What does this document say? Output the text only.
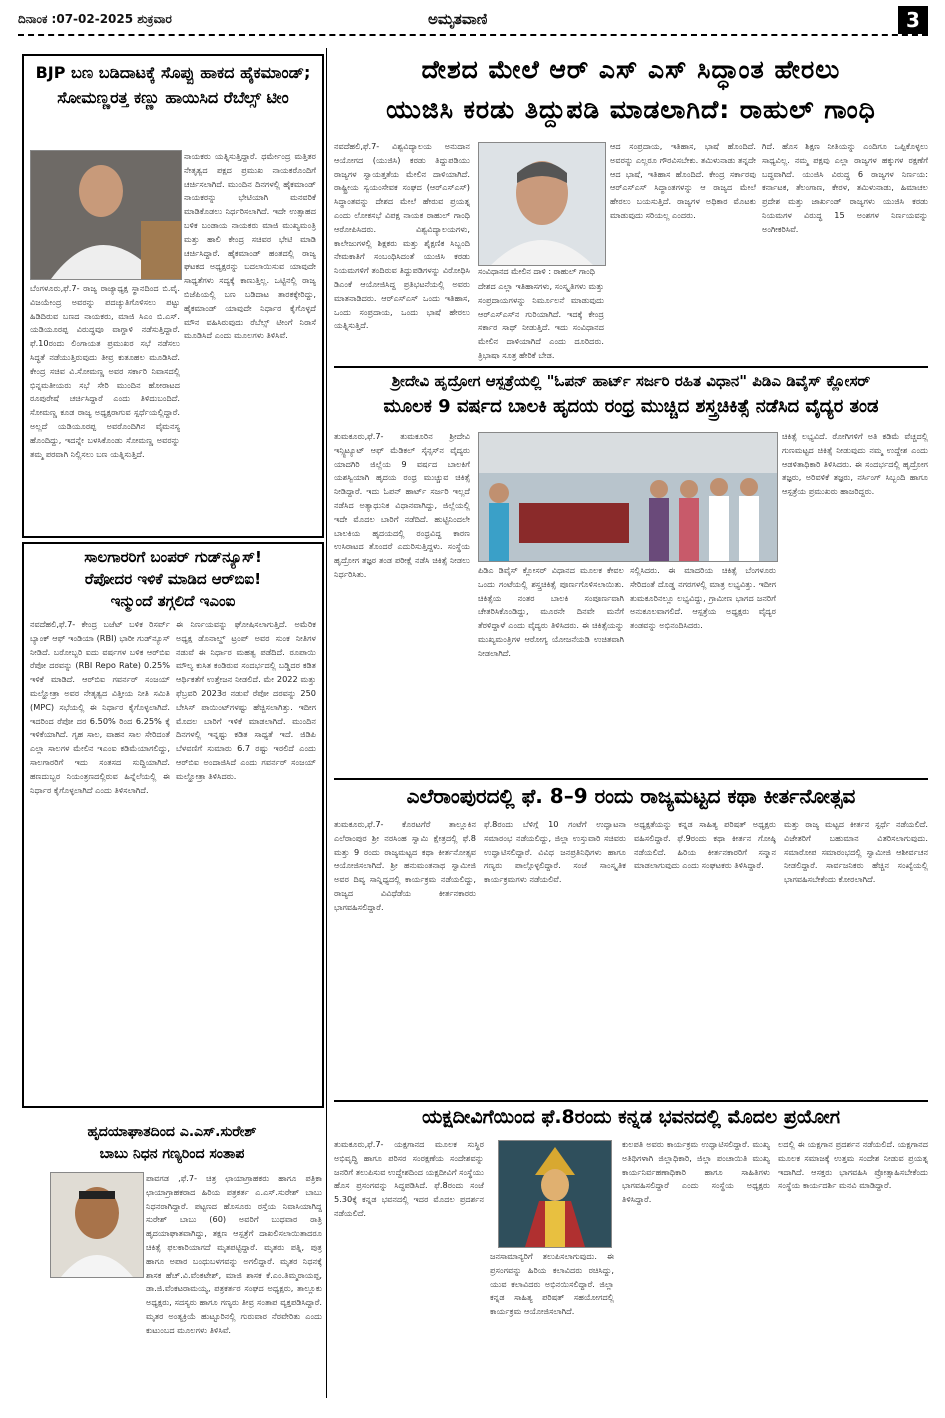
ದಿನಾಂಕ :07-02-2025 ಶುಕ್ರವಾರ	ಅಮೃತವಾಣಿ	3
BJP ಬಣ ಬಡಿದಾಟಕ್ಕೆ ಸೊಪ್ಪು ಹಾಕದ ಹೈಕಮಾಂಡ್; ಸೋಮಣ್ಣರತ್ತ ಕಣ್ಣು ಹಾಯಿಸಿದ ರೆಬೆಲ್ಸ್ ಟೀಂ
ನಾಯಕರು ಯತ್ನಿಸುತ್ತಿದ್ದಾರೆ. ಧರ್ಮೇಂದ್ರ ಮತ್ತಿತರ ನೇತೃತ್ವದ ಪಕ್ಷದ ಪ್ರಮುಖ ನಾಯಕರೊಂದಿಗೆ ಚರ್ಚಿಸಲಾಗಿದೆ. ಮುಂದಿನ ದಿನಗಳಲ್ಲಿ ಹೈಕಮಾಂಡ್ ನಾಯಕರನ್ನು ಭೇಟಿಯಾಗಿ ಮನವರಿಕೆ ಮಾಡಿಕೊಡಲು ನಿರ್ಧರಿಸಲಾಗಿದೆ. ಇದೇ ಉತ್ಸಾಹದ ಬಳಿಕ ಬಂಡಾಯ ನಾಯಕರು ಮಾಜಿ ಮುಖ್ಯಮಂತ್ರಿ ಮತ್ತು ಹಾಲಿ ಕೇಂದ್ರ ಸಚಿವರ ಭೇಟಿ ಮಾಡಿ ಚರ್ಚಿಸಿದ್ದಾರೆ. ಹೈಕಮಾಂಡ್ ಹಂತದಲ್ಲಿ ರಾಜ್ಯ ಘಟಕದ ಅಧ್ಯಕ್ಷರನ್ನು ಬದಲಾಯಿಸುವ ಯಾವುದೇ ಸಾಧ್ಯತೆಗಳು ಸದ್ಯಕ್ಕೆ ಕಾಣುತ್ತಿಲ್ಲ. ಒಟ್ಟಿನಲ್ಲಿ ರಾಜ್ಯ ಬಿಜೆಪಿಯಲ್ಲಿ ಬಣ ಬಡಿದಾಟ ತಾರಕಕ್ಕೇರಿದ್ದು, ಹೈಕಮಾಂಡ್ ಯಾವುದೇ ನಿರ್ಧಾರ ಕೈಗೊಳ್ಳದೆ ಮೌನ ವಹಿಸಿರುವುದು ರೆಬೆಲ್ಸ್ ಟೀಂಗೆ ನಿರಾಸೆ ಮೂಡಿಸಿದೆ ಎಂದು ಮೂಲಗಳು ತಿಳಿಸಿವೆ.
ಬೆಂಗಳೂರು,ಫೆ.7- ರಾಜ್ಯ ರಾಜ್ಯಾಧ್ಯಕ್ಷ ಸ್ಥಾನದಿಂದ ಬಿ.ವೈ. ವಿಜಯೇಂದ್ರ ಅವರನ್ನು ಪದಚ್ಯುತಿಗೊಳಿಸಲು ಪಟ್ಟು ಹಿಡಿದಿರುವ ಬಣದ ನಾಯಕರು, ಮಾಜಿ ಸಿಎಂ ಬಿ.ಎಸ್. ಯಡಿಯೂರಪ್ಪ ವಿರುದ್ಧವೂ ವಾಗ್ದಾಳಿ ನಡೆಸುತ್ತಿದ್ದಾರೆ. ಫೆ.10ರಂದು ಲಿಂಗಾಯತ ಪ್ರಮುಖರ ಸಭೆ ನಡೆಸಲು ಸಿದ್ಧತೆ ನಡೆಯುತ್ತಿರುವುದು ತೀವ್ರ ಕುತೂಹಲ ಮೂಡಿಸಿದೆ. ಕೇಂದ್ರ ಸಚಿವ ವಿ.ಸೋಮಣ್ಣ ಅವರ ಸರ್ಕಾರಿ ನಿವಾಸದಲ್ಲಿ ಭಿನ್ನಮತೀಯರು ಸಭೆ ಸೇರಿ ಮುಂದಿನ ಹೋರಾಟದ ರೂಪುರೇಷೆ ಚರ್ಚಿಸಿದ್ದಾರೆ ಎಂದು ತಿಳಿದುಬಂದಿದೆ. ಸೋಮಣ್ಣ ಕೂಡ ರಾಜ್ಯ ಅಧ್ಯಕ್ಷರಾಗುವ ಸ್ಪರ್ಧೆಯಲ್ಲಿದ್ದಾರೆ. ಅಲ್ಲದೆ ಯಡಿಯೂರಪ್ಪ ಅವರೊಂದಿಗಿನ ವೈಮನಸ್ಯ ಹೊಂದಿದ್ದು, ಇದನ್ನೇ ಬಳಸಿಕೊಂಡು ಸೋಮಣ್ಣ ಅವರನ್ನು ತಮ್ಮ ಪರವಾಗಿ ನಿಲ್ಲಿಸಲು ಬಣ ಯತ್ನಿಸುತ್ತಿದೆ.
ಸಾಲಗಾರರಿಗೆ ಬಂಪರ್ ಗುಡ್‌ನ್ಯೂಸ್!
ರೆಪೋದರ ಇಳಿಕೆ ಮಾಡಿದ ಆರ್‌ಬಿಐ!
ಇನ್ಮುಂದೆ ತಗ್ಗಲಿದೆ ಇಎಂಐ
ನವದೆಹಲಿ,ಫೆ.7- ಕೇಂದ್ರ ಬಜೆಟ್ ಬಳಿಕ ರಿಸರ್ವ್ ಬ್ಯಾಂಕ್ ಆಫ್ ಇಂಡಿಯಾ (RBI) ಭಾರೀ ಗುಡ್‌ನ್ಯೂಸ್ ನೀಡಿದೆ. ಬರೋಬ್ಬರಿ ಐದು ವರ್ಷಗಳ ಬಳಿಕ ಆರ್‌ಬಿಐ ರೆಪೋ ದರವನ್ನು (RBI Repo Rate) 0.25% ಇಳಿಕೆ ಮಾಡಿದೆ. ಆರ್‌ಬಿಐ ಗವರ್ನರ್ ಸಂಜಯ್ ಮಲ್ಹೋತ್ರಾ ಅವರ ನೇತೃತ್ವದ ವಿತ್ತೀಯ ನೀತಿ ಸಮಿತಿ (MPC) ಸಭೆಯಲ್ಲಿ ಈ ನಿರ್ಧಾರ ಕೈಗೊಳ್ಳಲಾಗಿದೆ. ಇದರಿಂದ ರೆಪೋ ದರ 6.50% ರಿಂದ 6.25% ಕ್ಕೆ ಇಳಿಕೆಯಾಗಿದೆ. ಗೃಹ ಸಾಲ, ವಾಹನ ಸಾಲ ಸೇರಿದಂತೆ ಎಲ್ಲಾ ಸಾಲಗಳ ಮೇಲಿನ ಇಎಂಐ ಕಡಿಮೆಯಾಗಲಿದ್ದು, ಸಾಲಗಾರರಿಗೆ ಇದು ಸಂತಸದ ಸುದ್ದಿಯಾಗಿದೆ. ಹಣದುಬ್ಬರ ನಿಯಂತ್ರಣದಲ್ಲಿರುವ ಹಿನ್ನೆಲೆಯಲ್ಲಿ ಈ ನಿರ್ಧಾರ ಕೈಗೊಳ್ಳಲಾಗಿದೆ ಎಂದು ತಿಳಿಸಲಾಗಿದೆ.
ಈ ನಿರ್ಣಯವನ್ನು ಘೋಷಿಸಲಾಗುತ್ತಿದೆ. ಅಮೆರಿಕ ಅಧ್ಯಕ್ಷ ಡೊನಾಲ್ಡ್ ಟ್ರಂಪ್ ಅವರ ಸುಂಕ ನೀತಿಗಳ ನಡುವೆ ಈ ನಿರ್ಧಾರ ಮಹತ್ವ ಪಡೆದಿದೆ. ರೂಪಾಯಿ ಮೌಲ್ಯ ಕುಸಿತ ಕಂಡಿರುವ ಸಂದರ್ಭದಲ್ಲಿ ಬಡ್ಡಿದರ ಕಡಿತ ಆರ್ಥಿಕತೆಗೆ ಉತ್ತೇಜನ ನೀಡಲಿದೆ. ಮೇ 2022 ಮತ್ತು ಫೆಬ್ರವರಿ 2023ರ ನಡುವೆ ರೆಪೋ ದರವನ್ನು 250 ಬೇಸಿಸ್ ಪಾಯಿಂಟ್‌ಗಳಷ್ಟು ಹೆಚ್ಚಿಸಲಾಗಿತ್ತು. ಇದೀಗ ಮೊದಲ ಬಾರಿಗೆ ಇಳಿಕೆ ಮಾಡಲಾಗಿದೆ. ಮುಂದಿನ ದಿನಗಳಲ್ಲಿ ಇನ್ನಷ್ಟು ಕಡಿತ ಸಾಧ್ಯತೆ ಇದೆ. ಜಿಡಿಪಿ ಬೆಳವಣಿಗೆ ಸುಮಾರು 6.7 ರಷ್ಟು ಇರಲಿದೆ ಎಂದು ಆರ್‌ಬಿಐ ಅಂದಾಜಿಸಿದೆ ಎಂದು ಗವರ್ನರ್ ಸಂಜಯ್ ಮಲ್ಹೋತ್ರಾ ತಿಳಿಸಿದರು.
ಹೃದಯಾಘಾತದಿಂದ ಎ.ಎಸ್.ಸುರೇಶ್
ಬಾಬು ನಿಧನ ಗಣ್ಯರಿಂದ ಸಂತಾಪ
ಪಾವಗಡ ,ಫೆ.7- ಚಿತ್ರ ಛಾಯಾಗ್ರಾಹಕರು ಹಾಗೂ ಪತ್ರಿಕಾ ಛಾಯಾಗ್ರಾಹಕರಾದ ಹಿರಿಯ ಪತ್ರಕರ್ತ ಎ.ಎಸ್.ಸುರೇಶ್ ಬಾಬು ನಿಧನರಾಗಿದ್ದಾರೆ. ಪಟ್ಟಣದ ಹೊಸೂರು ರಸ್ತೆಯ ನಿವಾಸಿಯಾಗಿದ್ದ ಸುರೇಶ್ ಬಾಬು (60) ಅವರಿಗೆ ಬುಧವಾರ ರಾತ್ರಿ ಹೃದಯಾಘಾತವಾಗಿದ್ದು, ತಕ್ಷಣ ಆಸ್ಪತ್ರೆಗೆ ದಾಖಲಿಸಲಾಯಿತಾದರೂ ಚಿಕಿತ್ಸೆ ಫಲಕಾರಿಯಾಗದೆ ಮೃತಪಟ್ಟಿದ್ದಾರೆ. ಮೃತರು ಪತ್ನಿ, ಪುತ್ರ ಹಾಗೂ ಅಪಾರ ಬಂಧುಬಳಗವನ್ನು ಅಗಲಿದ್ದಾರೆ. ಮೃತರ ನಿಧನಕ್ಕೆ ಶಾಸಕ ಹೆಚ್.ವಿ.ವೆಂಕಟೇಶ್, ಮಾಜಿ ಶಾಸಕ ಕೆ.ಎಂ.ತಿಮ್ಮರಾಯಪ್ಪ, ಡಾ.ಜಿ.ವೆಂಕಟರಾಮಯ್ಯ, ಪತ್ರಕರ್ತರ ಸಂಘದ ಅಧ್ಯಕ್ಷರು, ತಾಲ್ಲೂಕು ಅಧ್ಯಕ್ಷರು, ಸದಸ್ಯರು ಹಾಗೂ ಗಣ್ಯರು ತೀವ್ರ ಸಂತಾಪ ವ್ಯಕ್ತಪಡಿಸಿದ್ದಾರೆ. ಮೃತರ ಅಂತ್ಯಕ್ರಿಯೆ ಹುಟ್ಟೂರಿನಲ್ಲಿ ಗುರುವಾರ ನೆರವೇರಿತು ಎಂದು ಕುಟುಂಬದ ಮೂಲಗಳು ತಿಳಿಸಿವೆ.
ದೇಶದ ಮೇಲೆ ಆರ್ ಎಸ್ ಎಸ್ ಸಿದ್ಧಾಂತ ಹೇರಲು
ಯುಜಿಸಿ ಕರಡು ತಿದ್ದುಪಡಿ ಮಾಡಲಾಗಿದೆ: ರಾಹುಲ್ ಗಾಂಧಿ
ನವದೆಹಲಿ,ಫೆ.7- ವಿಶ್ವವಿದ್ಯಾಲಯ ಅನುದಾನ ಆಯೋಗದ (ಯುಜಿಸಿ) ಕರಡು ತಿದ್ದುಪಡಿಯು ರಾಜ್ಯಗಳ ಸ್ವಾಯತ್ತತೆಯ ಮೇಲಿನ ದಾಳಿಯಾಗಿದೆ. ರಾಷ್ಟ್ರೀಯ ಸ್ವಯಂಸೇವಕ ಸಂಘದ (ಆರ್‌ಎಸ್‌ಎಸ್) ಸಿದ್ಧಾಂತವನ್ನು ದೇಶದ ಮೇಲೆ ಹೇರುವ ಪ್ರಯತ್ನ ಎಂದು ಲೋಕಸಭೆ ವಿಪಕ್ಷ ನಾಯಕ ರಾಹುಲ್ ಗಾಂಧಿ ಆರೋಪಿಸಿದರು. ವಿಶ್ವವಿದ್ಯಾಲಯಗಳು, ಕಾಲೇಜುಗಳಲ್ಲಿ ಶಿಕ್ಷಕರು ಮತ್ತು ಶೈಕ್ಷಣಿಕ ಸಿಬ್ಬಂದಿ ನೇಮಕಾತಿಗೆ ಸಂಬಂಧಿಸಿದಂತೆ ಯುಜಿಸಿ ಕರಡು ನಿಯಮಗಳಿಗೆ ತಂದಿರುವ ತಿದ್ದುಪಡಿಗಳನ್ನು ವಿರೋಧಿಸಿ ಡಿಎಂಕೆ ಆಯೋಜಿಸಿದ್ದ ಪ್ರತಿಭಟನೆಯಲ್ಲಿ ಅವರು ಮಾತನಾಡಿದರು. ಆರ್‌ಎಸ್‌ಎಸ್ ಒಂದು ಇತಿಹಾಸ, ಒಂದು ಸಂಪ್ರದಾಯ, ಒಂದು ಭಾಷೆ ಹೇರಲು ಯತ್ನಿಸುತ್ತಿದೆ.
ಸಂವಿಧಾನದ ಮೇಲಿನ ದಾಳಿ : ರಾಹುಲ್ ಗಾಂಧಿ
ದೇಶದ ಎಲ್ಲಾ ಇತಿಹಾಸಗಳು, ಸಂಸ್ಕೃತಿಗಳು ಮತ್ತು ಸಂಪ್ರದಾಯಗಳನ್ನು ನಿರ್ಮೂಲನೆ ಮಾಡುವುದು ಆರ್‌ಎಸ್‌ಎಸ್‌ನ ಗುರಿಯಾಗಿದೆ. ಇದಕ್ಕೆ ಕೇಂದ್ರ ಸರ್ಕಾರ ಸಾಥ್ ನೀಡುತ್ತಿದೆ. ಇದು ಸಂವಿಧಾನದ ಮೇಲಿನ ದಾಳಿಯಾಗಿದೆ ಎಂದು ದೂರಿದರು. ತ್ರಿಭಾಷಾ ಸೂತ್ರ ಹೇರಿಕೆ ಬೇಡ.
ಆದ ಸಂಪ್ರದಾಯ, ಇತಿಹಾಸ, ಭಾಷೆ ಹೊಂದಿದೆ. ಅವರನ್ನು ಎಲ್ಲರೂ ಗೌರವಿಸಬೇಕು. ತಮಿಳುನಾಡು ತನ್ನದೇ ಆದ ಭಾಷೆ, ಇತಿಹಾಸ ಹೊಂದಿದೆ. ಕೇಂದ್ರ ಸರ್ಕಾರವು ಆರ್‌ಎಸ್‌ಎಸ್ ಸಿದ್ಧಾಂತಗಳನ್ನು ಆ ರಾಜ್ಯದ ಮೇಲೆ ಹೇರಲು ಬಯಸುತ್ತಿದೆ. ರಾಜ್ಯಗಳ ಅಧಿಕಾರ ಮೊಟಕು ಮಾಡುವುದು ಸರಿಯಲ್ಲ ಎಂದರು.
ಗಿದೆ. ಹೊಸ ಶಿಕ್ಷಣ ನೀತಿಯನ್ನು ಎಂದಿಗೂ ಒಪ್ಪಿಕೊಳ್ಳಲು ಸಾಧ್ಯವಿಲ್ಲ. ನಮ್ಮ ಪಕ್ಷವು ಎಲ್ಲಾ ರಾಜ್ಯಗಳ ಹಕ್ಕುಗಳ ರಕ್ಷಣೆಗೆ ಬದ್ಧವಾಗಿದೆ. ಯುಜಿಸಿ ವಿರುದ್ಧ 6 ರಾಜ್ಯಗಳ ನಿರ್ಣಯ: ಕರ್ನಾಟಕ, ತೆಲಂಗಾಣ, ಕೇರಳ, ತಮಿಳುನಾಡು, ಹಿಮಾಚಲ ಪ್ರದೇಶ ಮತ್ತು ಜಾರ್ಖಂಡ್ ರಾಜ್ಯಗಳು ಯುಜಿಸಿ ಕರಡು ನಿಯಮಗಳ ವಿರುದ್ಧ 15 ಅಂಶಗಳ ನಿರ್ಣಯವನ್ನು ಅಂಗೀಕರಿಸಿವೆ.
ಶ್ರೀದೇವಿ ಹೃದ್ರೋಗ ಆಸ್ಪತ್ರೆಯಲ್ಲಿ "ಓಪನ್ ಹಾರ್ಟ್ ಸರ್ಜರಿ ರಹಿತ ವಿಧಾನ" ಪಿಡಿಎ ಡಿವೈಸ್ ಕ್ಲೋಸರ್
ಮೂಲಕ 9 ವರ್ಷದ ಬಾಲಕಿ ಹೃದಯ ರಂಧ್ರ ಮುಚ್ಚಿದ ಶಸ್ತ್ರಚಿಕಿತ್ಸೆ ನಡೆಸಿದ ವೈದ್ಯರ ತಂಡ
ತುಮಕೂರು,ಫೆ.7- ತುಮಕೂರಿನ ಶ್ರೀದೇವಿ ಇನ್ಸ್ಟಿಟ್ಯೂಟ್ ಆಫ್ ಮೆಡಿಕಲ್ ಸೈನ್ಸಸ್‌ನ ವೈದ್ಯರು ಯಾದಗಿರಿ ಜಿಲ್ಲೆಯ 9 ವರ್ಷದ ಬಾಲಕಿಗೆ ಯಶಸ್ವಿಯಾಗಿ ಹೃದಯ ರಂಧ್ರ ಮುಚ್ಚುವ ಚಿಕಿತ್ಸೆ ನೀಡಿದ್ದಾರೆ. ಇದು ಓಪನ್ ಹಾರ್ಟ್ ಸರ್ಜರಿ ಇಲ್ಲದೆ ನಡೆಸಿದ ಅತ್ಯಾಧುನಿಕ ವಿಧಾನವಾಗಿದ್ದು, ಜಿಲ್ಲೆಯಲ್ಲಿ ಇದೇ ಮೊದಲ ಬಾರಿಗೆ ನಡೆದಿದೆ. ಹುಟ್ಟಿನಿಂದಲೇ ಬಾಲಕಿಯ ಹೃದಯದಲ್ಲಿ ರಂಧ್ರವಿದ್ದ ಕಾರಣ ಉಸಿರಾಟದ ತೊಂದರೆ ಎದುರಿಸುತ್ತಿದ್ದಳು. ಸಂಸ್ಥೆಯ ಹೃದ್ರೋಗ ತಜ್ಞರ ತಂಡ ಪರೀಕ್ಷೆ ನಡೆಸಿ ಚಿಕಿತ್ಸೆ ನೀಡಲು ನಿರ್ಧರಿಸಿತು.	ಪಿಡಿಎ ಡಿವೈಸ್ ಕ್ಲೋಸರ್ ವಿಧಾನದ ಮೂಲಕ ಕೇವಲ ಒಂದು ಗಂಟೆಯಲ್ಲಿ ಶಸ್ತ್ರಚಿಕಿತ್ಸೆ ಪೂರ್ಣಗೊಳಿಸಲಾಯಿತು. ಚಿಕಿತ್ಸೆಯ ನಂತರ ಬಾಲಕಿ ಸಂಪೂರ್ಣವಾಗಿ ಚೇತರಿಸಿಕೊಂಡಿದ್ದು, ಮೂರನೇ ದಿನವೇ ಮನೆಗೆ ತೆರಳಿದ್ದಾಳೆ ಎಂದು ವೈದ್ಯರು ತಿಳಿಸಿದರು. ಈ ಚಿಕಿತ್ಸೆಯನ್ನು ಮುಖ್ಯಮಂತ್ರಿಗಳ ಆರೋಗ್ಯ ಯೋಜನೆಯಡಿ ಉಚಿತವಾಗಿ ನೀಡಲಾಗಿದೆ.
ಸಲ್ಲಿಸಿದರು. ಈ ಮಾದರಿಯ ಚಿಕಿತ್ಸೆ ಬೆಂಗಳೂರು ಸೇರಿದಂತೆ ದೊಡ್ಡ ನಗರಗಳಲ್ಲಿ ಮಾತ್ರ ಲಭ್ಯವಿತ್ತು. ಇದೀಗ ತುಮಕೂರಿನಲ್ಲೂ ಲಭ್ಯವಿದ್ದು, ಗ್ರಾಮೀಣ ಭಾಗದ ಜನರಿಗೆ ಅನುಕೂಲವಾಗಲಿದೆ. ಆಸ್ಪತ್ರೆಯ ಅಧ್ಯಕ್ಷರು ವೈದ್ಯರ ತಂಡವನ್ನು ಅಭಿನಂದಿಸಿದರು.
ಚಿಕಿತ್ಸೆ ಲಭ್ಯವಿದೆ. ರೋಗಿಗಳಿಗೆ ಅತಿ ಕಡಿಮೆ ವೆಚ್ಚದಲ್ಲಿ ಗುಣಮಟ್ಟದ ಚಿಕಿತ್ಸೆ ನೀಡುವುದು ನಮ್ಮ ಉದ್ದೇಶ ಎಂದು ಆಡಳಿತಾಧಿಕಾರಿ ತಿಳಿಸಿದರು. ಈ ಸಂದರ್ಭದಲ್ಲಿ ಹೃದ್ರೋಗ ತಜ್ಞರು, ಅರಿವಳಿಕೆ ತಜ್ಞರು, ನರ್ಸಿಂಗ್ ಸಿಬ್ಬಂದಿ ಹಾಗೂ ಆಸ್ಪತ್ರೆಯ ಪ್ರಮುಖರು ಹಾಜರಿದ್ದರು.
ಎಲೆರಾಂಪುರದಲ್ಲಿ ಫೆ. 8–9 ರಂದು ರಾಜ್ಯಮಟ್ಟದ ಕಥಾ ಕೀರ್ತನೋತ್ಸವ
ತುಮಕೂರು,ಫೆ.7- ಕೊರಟಗೆರೆ ತಾಲ್ಲೂಕಿನ ಎಲೆರಾಂಪುರ ಶ್ರೀ ನರಸಿಂಹ ಸ್ವಾಮಿ ಕ್ಷೇತ್ರದಲ್ಲಿ ಫೆ.8 ಮತ್ತು 9 ರಂದು ರಾಜ್ಯಮಟ್ಟದ ಕಥಾ ಕೀರ್ತನೋತ್ಸವ ಆಯೋಜಿಸಲಾಗಿದೆ. ಶ್ರೀ ಹನುಮಂತನಾಥ ಸ್ವಾಮೀಜಿ ಅವರ ದಿವ್ಯ ಸಾನ್ನಿಧ್ಯದಲ್ಲಿ ಕಾರ್ಯಕ್ರಮ ನಡೆಯಲಿದ್ದು, ರಾಜ್ಯದ ವಿವಿಧೆಡೆಯ ಕೀರ್ತನಕಾರರು ಭಾಗವಹಿಸಲಿದ್ದಾರೆ.
ಫೆ.8ರಂದು ಬೆಳಿಗ್ಗೆ 10 ಗಂಟೆಗೆ ಉದ್ಘಾಟನಾ ಸಮಾರಂಭ ನಡೆಯಲಿದ್ದು, ಜಿಲ್ಲಾ ಉಸ್ತುವಾರಿ ಸಚಿವರು ಉದ್ಘಾಟಿಸಲಿದ್ದಾರೆ. ವಿವಿಧ ಜನಪ್ರತಿನಿಧಿಗಳು ಹಾಗೂ ಗಣ್ಯರು ಪಾಲ್ಗೊಳ್ಳಲಿದ್ದಾರೆ. ಸಂಜೆ ಸಾಂಸ್ಕೃತಿಕ ಕಾರ್ಯಕ್ರಮಗಳು ನಡೆಯಲಿವೆ.
ಅಧ್ಯಕ್ಷತೆಯನ್ನು ಕನ್ನಡ ಸಾಹಿತ್ಯ ಪರಿಷತ್ ಅಧ್ಯಕ್ಷರು ವಹಿಸಲಿದ್ದಾರೆ. ಫೆ.9ರಂದು ಕಥಾ ಕೀರ್ತನ ಗೋಷ್ಠಿ ನಡೆಯಲಿದೆ. ಹಿರಿಯ ಕೀರ್ತನಕಾರರಿಗೆ ಸನ್ಮಾನ ಮಾಡಲಾಗುವುದು ಎಂದು ಸಂಘಟಕರು ತಿಳಿಸಿದ್ದಾರೆ.
ಮತ್ತು ರಾಜ್ಯ ಮಟ್ಟದ ಕೀರ್ತನ ಸ್ಪರ್ಧೆ ನಡೆಯಲಿದೆ. ವಿಜೇತರಿಗೆ ಬಹುಮಾನ ವಿತರಿಸಲಾಗುವುದು. ಸಮಾರೋಪ ಸಮಾರಂಭದಲ್ಲಿ ಸ್ವಾಮೀಜಿ ಆಶೀರ್ವಚನ ನೀಡಲಿದ್ದಾರೆ. ಸಾರ್ವಜನಿಕರು ಹೆಚ್ಚಿನ ಸಂಖ್ಯೆಯಲ್ಲಿ ಭಾಗವಹಿಸಬೇಕೆಂದು ಕೋರಲಾಗಿದೆ.
ಯಕ್ಷದೀವಿಗೆಯಿಂದ ಫೆ.8ರಂದು ಕನ್ನಡ ಭವನದಲ್ಲಿ ಮೊದಲ ಪ್ರಯೋಗ
ತುಮಕೂರು,ಫೆ.7- ಯಕ್ಷಗಾನದ ಮೂಲಕ ಸುಸ್ಥಿರ ಅಭಿವೃದ್ಧಿ ಹಾಗೂ ಪರಿಸರ ಸಂರಕ್ಷಣೆಯ ಸಂದೇಶವನ್ನು ಜನರಿಗೆ ತಲುಪಿಸುವ ಉದ್ದೇಶದಿಂದ ಯಕ್ಷದೀವಿಗೆ ಸಂಸ್ಥೆಯು ಹೊಸ ಪ್ರಸಂಗವನ್ನು ಸಿದ್ಧಪಡಿಸಿದೆ. ಫೆ.8ರಂದು ಸಂಜೆ 5.30ಕ್ಕೆ ಕನ್ನಡ ಭವನದಲ್ಲಿ ಇದರ ಮೊದಲ ಪ್ರದರ್ಶನ ನಡೆಯಲಿದೆ.
ಜನಸಾಮಾನ್ಯರಿಗೆ ತಲುಪಿಸಲಾಗುವುದು. ಈ ಪ್ರಸಂಗವನ್ನು ಹಿರಿಯ ಕಲಾವಿದರು ರಚಿಸಿದ್ದು, ಯುವ ಕಲಾವಿದರು ಅಭಿನಯಿಸಲಿದ್ದಾರೆ. ಜಿಲ್ಲಾ ಕನ್ನಡ ಸಾಹಿತ್ಯ ಪರಿಷತ್ ಸಹಯೋಗದಲ್ಲಿ ಕಾರ್ಯಕ್ರಮ ಆಯೋಜಿಸಲಾಗಿದೆ.
ಕುಲಪತಿ ಅವರು ಕಾರ್ಯಕ್ರಮ ಉದ್ಘಾಟಿಸಲಿದ್ದಾರೆ. ಮುಖ್ಯ ಅತಿಥಿಗಳಾಗಿ ಜಿಲ್ಲಾಧಿಕಾರಿ, ಜಿಲ್ಲಾ ಪಂಚಾಯಿತಿ ಮುಖ್ಯ ಕಾರ್ಯನಿರ್ವಹಣಾಧಿಕಾರಿ ಹಾಗೂ ಸಾಹಿತಿಗಳು ಭಾಗವಹಿಸಲಿದ್ದಾರೆ ಎಂದು ಸಂಸ್ಥೆಯ ಅಧ್ಯಕ್ಷರು ತಿಳಿಸಿದ್ದಾರೆ.
ಲದಲ್ಲಿ ಈ ಯಕ್ಷಗಾನ ಪ್ರದರ್ಶನ ನಡೆಯಲಿದೆ. ಯಕ್ಷಗಾನದ ಮೂಲಕ ಸಮಾಜಕ್ಕೆ ಉತ್ತಮ ಸಂದೇಶ ನೀಡುವ ಪ್ರಯತ್ನ ಇದಾಗಿದೆ. ಆಸಕ್ತರು ಭಾಗವಹಿಸಿ ಪ್ರೋತ್ಸಾಹಿಸಬೇಕೆಂದು ಸಂಸ್ಥೆಯ ಕಾರ್ಯದರ್ಶಿ ಮನವಿ ಮಾಡಿದ್ದಾರೆ.
